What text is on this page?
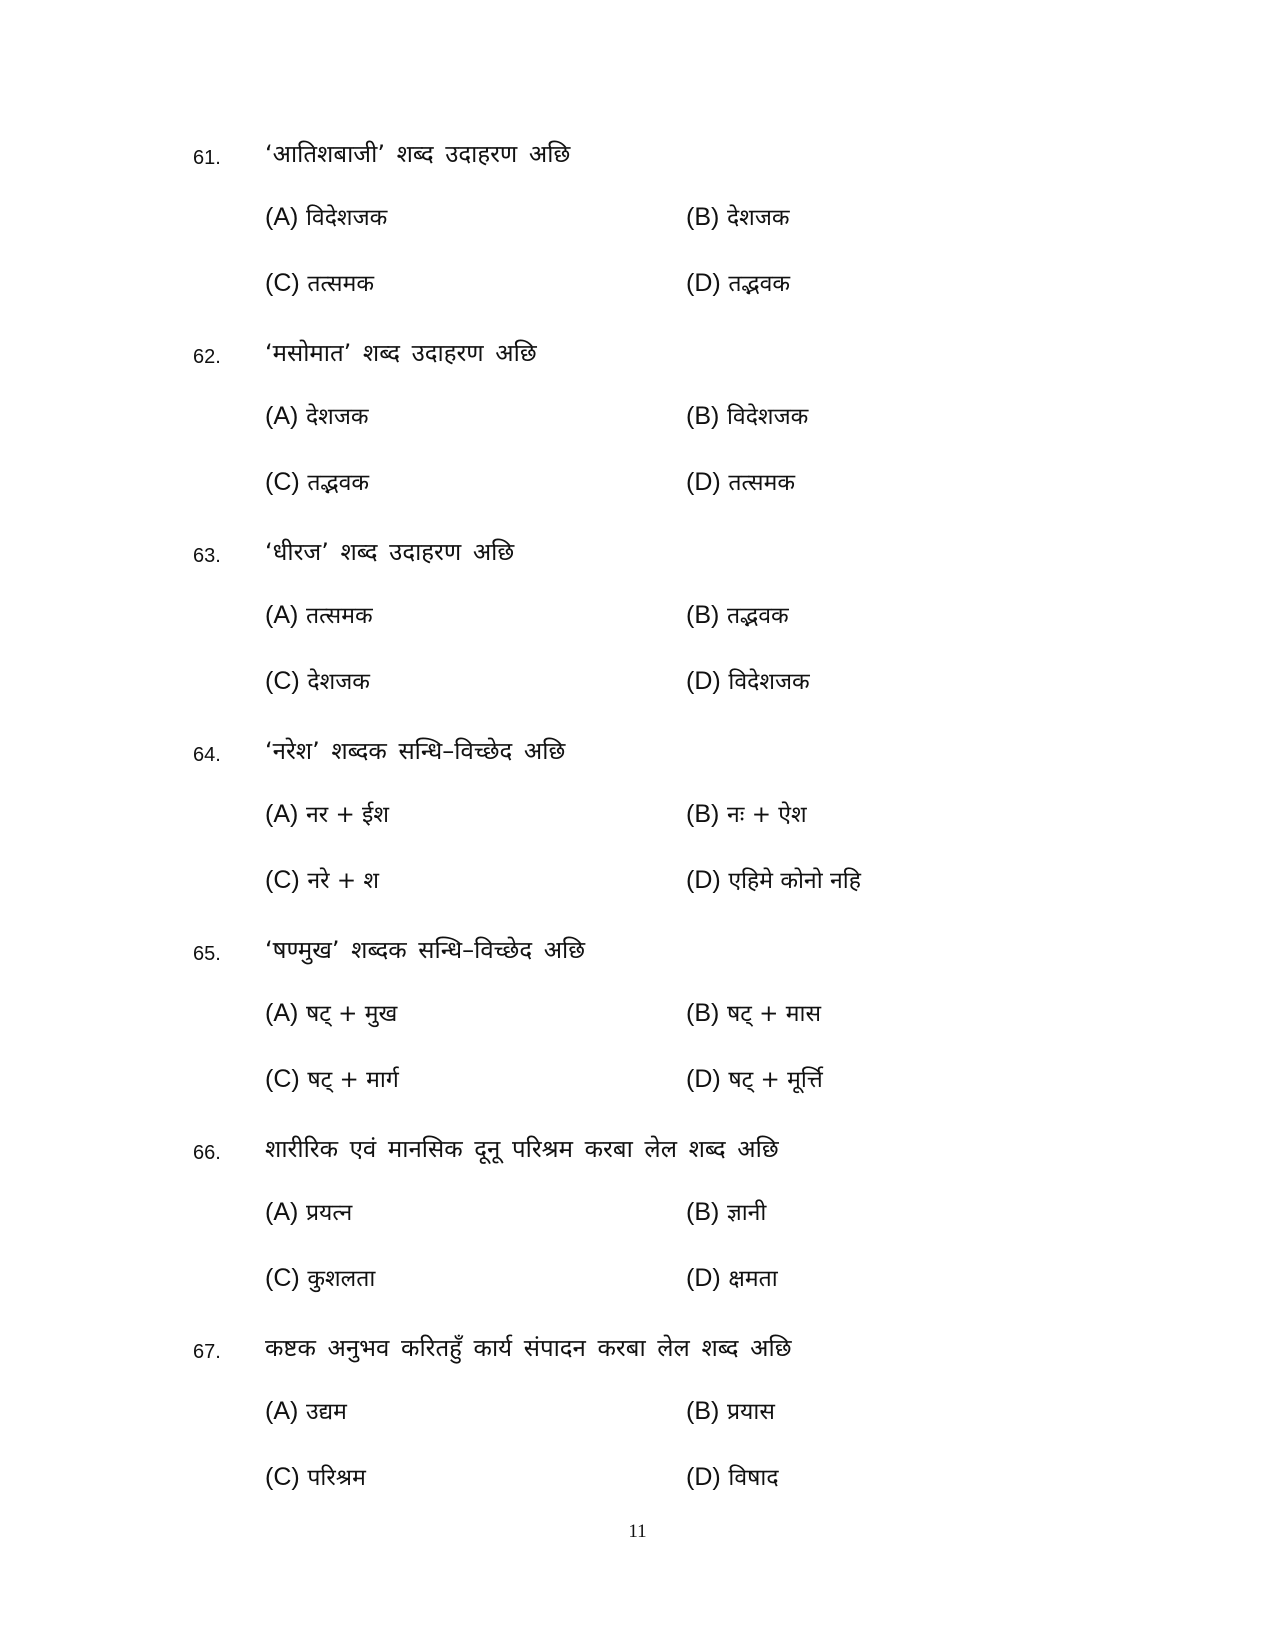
61. ‘आतिशबाजी’ शब्द उदाहरण अछि
(A) विदेशजक	(B) देशजक
(C) तत्समक	(D) तद्भवक
62. ‘मसोमात’ शब्द उदाहरण अछि
(A) देशजक	(B) विदेशजक
(C) तद्भवक	(D) तत्समक
63. ‘धीरज’ शब्द उदाहरण अछि
(A) तत्समक	(B) तद्भवक
(C) देशजक	(D) विदेशजक
64. ‘नरेश’ शब्दक सन्धि–विच्छेद अछि
(A) नर + ईश	(B) नः + ऐश
(C) नरे + श	(D) एहिमे कोनो नहि
65. ‘षण्मुख’ शब्दक सन्धि–विच्छेद अछि
(A) षट् + मुख	(B) षट् + मास
(C) षट् + मार्ग	(D) षट् + मूर्त्ति
66. शारीरिक एवं मानसिक दूनू परिश्रम करबा लेल शब्द अछि
(A) प्रयत्न	(B) ज्ञानी
(C) कुशलता	(D) क्षमता
67. कष्टक अनुभव करितहुँ कार्य संपादन करबा लेल शब्द अछि
(A) उद्यम	(B) प्रयास
(C) परिश्रम	(D) विषाद
11
